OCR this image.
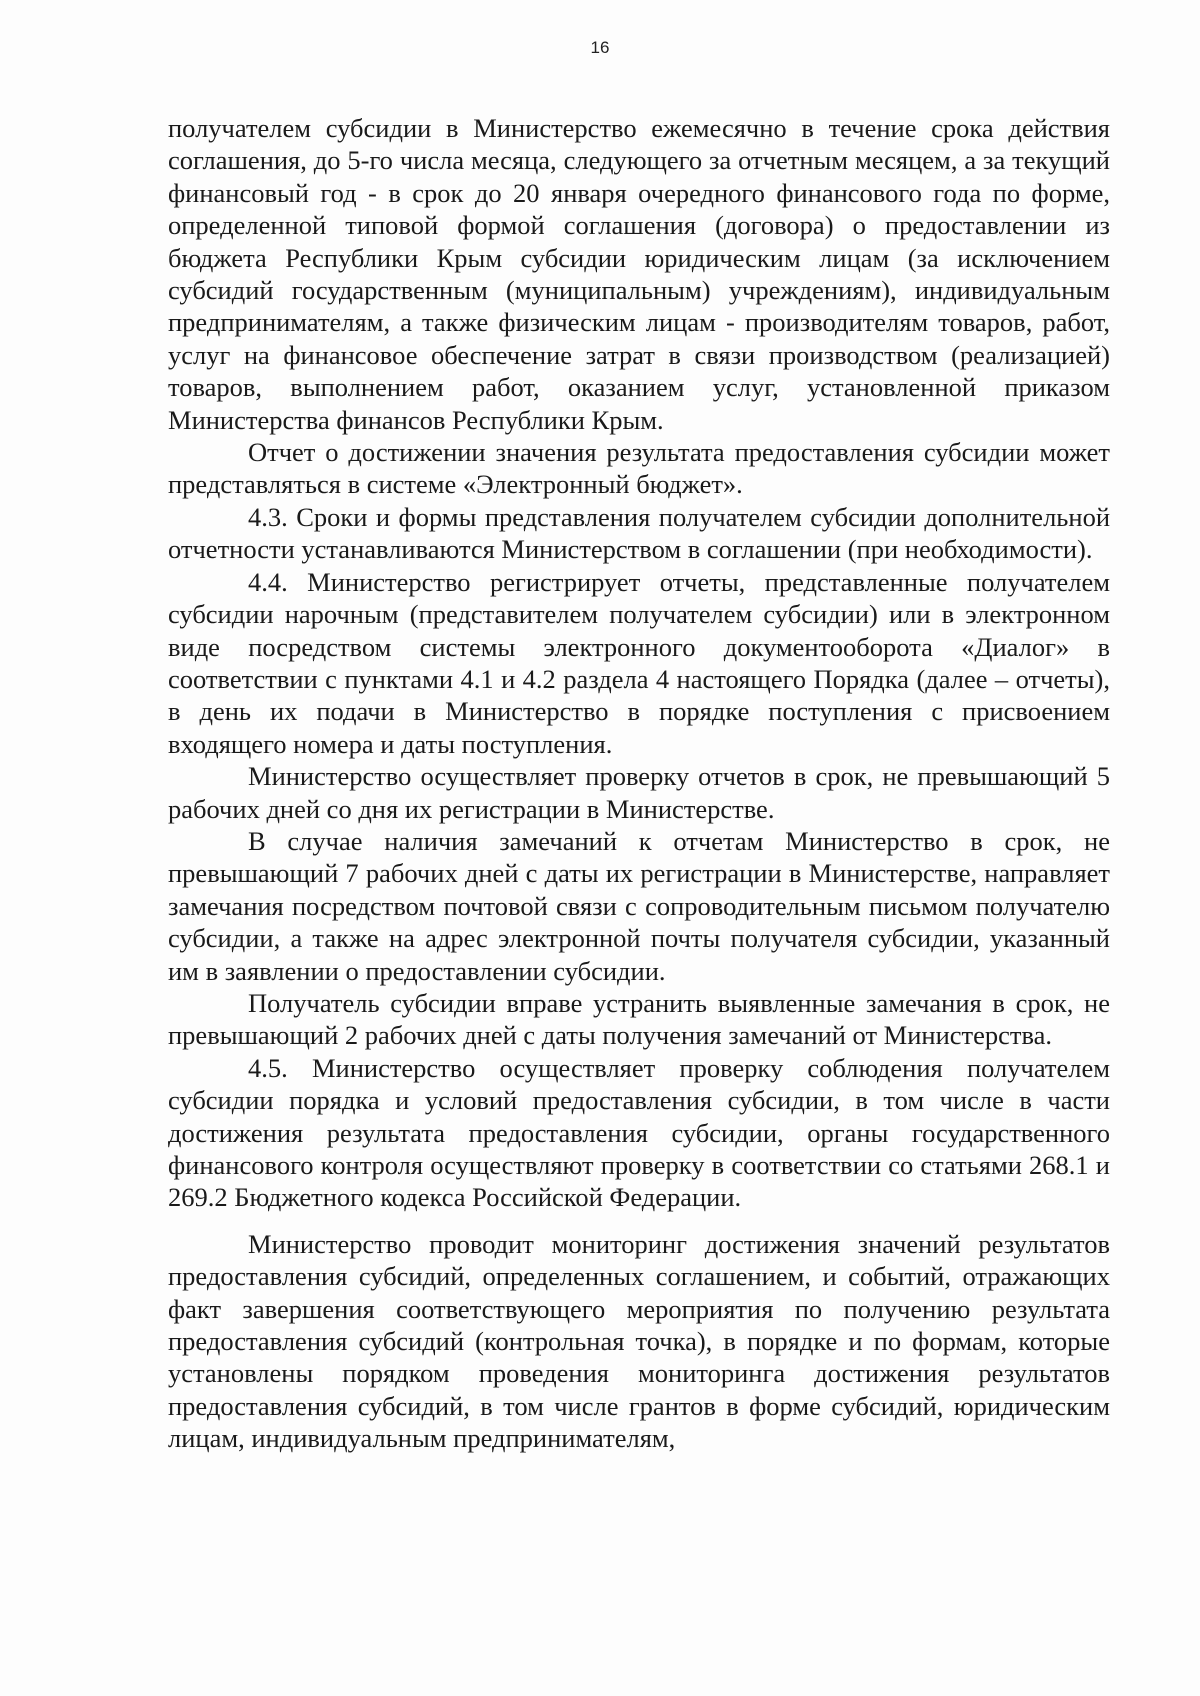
16

получателем субсидии в Министерство ежемесячно в течение срока действия соглашения, до 5-го числа месяца, следующего за отчетным месяцем, а за текущий финансовый год - в срок до 20 января очередного финансового года по форме, определенной типовой формой соглашения (договора) о предоставлении из бюджета Республики Крым субсидии юридическим лицам (за исключением субсидий государственным (муниципальным) учреждениям), индивидуальным предпринимателям, а также физическим лицам - производителям товаров, работ, услуг на финансовое обеспечение затрат в связи производством (реализацией) товаров, выполнением работ, оказанием услуг, установленной приказом Министерства финансов Республики Крым.

Отчет о достижении значения результата предоставления субсидии может представляться в системе «Электронный бюджет».

4.3. Сроки и формы представления получателем субсидии дополнительной отчетности устанавливаются Министерством в соглашении (при необходимости).

4.4. Министерство регистрирует отчеты, представленные получателем субсидии нарочным (представителем получателем субсидии) или в электронном виде посредством системы электронного документооборота «Диалог» в соответствии с пунктами 4.1 и 4.2 раздела 4 настоящего Порядка (далее – отчеты), в день их подачи в Министерство в порядке поступления с присвоением входящего номера и даты поступления.

Министерство осуществляет проверку отчетов в срок, не превышающий 5 рабочих дней со дня их регистрации в Министерстве.

В случае наличия замечаний к отчетам Министерство в срок, не превышающий 7 рабочих дней с даты их регистрации в Министерстве, направляет замечания посредством почтовой связи с сопроводительным письмом получателю субсидии, а также на адрес электронной почты получателя субсидии, указанный им в заявлении о предоставлении субсидии.

Получатель субсидии вправе устранить выявленные замечания в срок, не превышающий 2 рабочих дней с даты получения замечаний от Министерства.

4.5. Министерство осуществляет проверку соблюдения получателем субсидии порядка и условий предоставления субсидии, в том числе в части достижения результата предоставления субсидии, органы государственного финансового контроля осуществляют проверку в соответствии со статьями 268.1 и 269.2 Бюджетного кодекса Российской Федерации.

Министерство проводит мониторинг достижения значений результатов предоставления субсидий, определенных соглашением, и событий, отражающих факт завершения соответствующего мероприятия по получению результата предоставления субсидий (контрольная точка), в порядке и по формам, которые установлены порядком проведения мониторинга достижения результатов предоставления субсидий, в том числе грантов в форме субсидий, юридическим лицам, индивидуальным предпринимателям,
